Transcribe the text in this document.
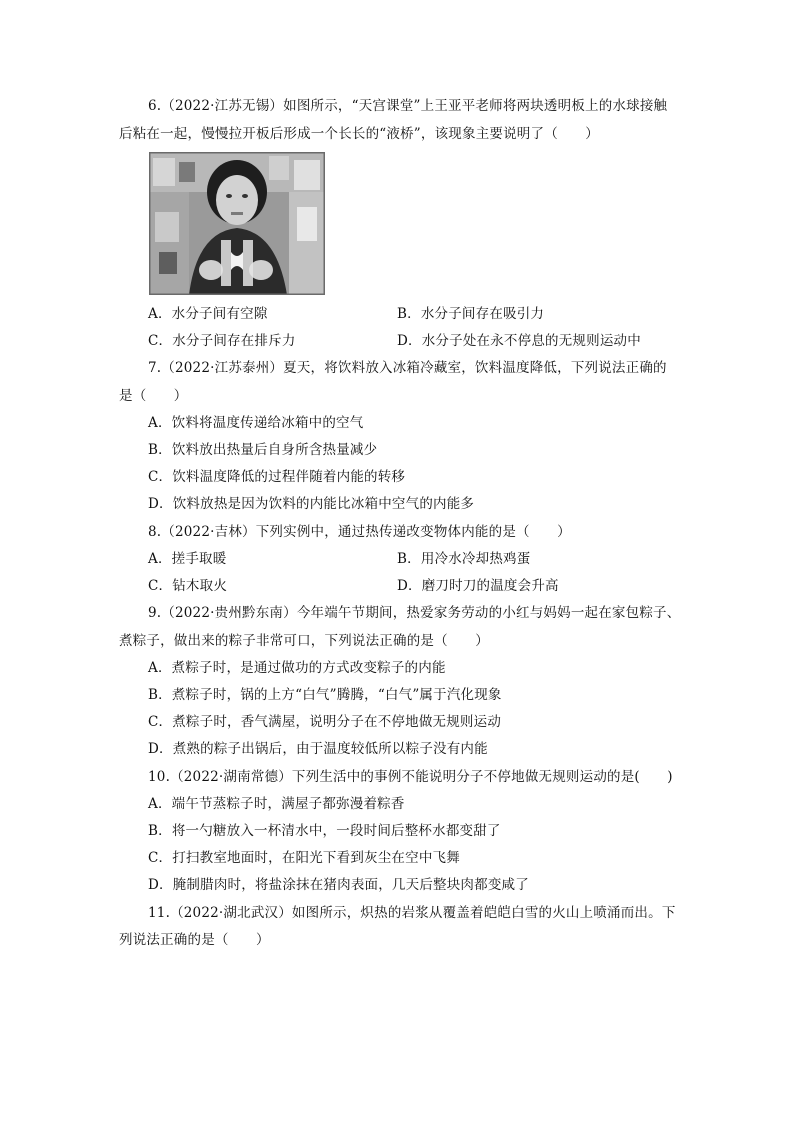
6.（2022·江苏无锡）如图所示，“天宫课堂”上王亚平老师将两块透明板上的水球接触
后粘在一起，慢慢拉开板后形成一个长长的“液桥”，该现象主要说明了（　　）
A．水分子间有空隙	B．水分子间存在吸引力
C．水分子间存在排斥力	D．水分子处在永不停息的无规则运动中
7.（2022·江苏泰州）夏天，将饮料放入冰箱冷藏室，饮料温度降低，下列说法正确的
是（　　）
A．饮料将温度传递给冰箱中的空气
B．饮料放出热量后自身所含热量减少
C．饮料温度降低的过程伴随着内能的转移
D．饮料放热是因为饮料的内能比冰箱中空气的内能多
8.（2022·吉林）下列实例中，通过热传递改变物体内能的是（　　）
A．搓手取暖	B．用冷水冷却热鸡蛋
C．钻木取火	D．磨刀时刀的温度会升高
9.（2022·贵州黔东南）今年端午节期间，热爱家务劳动的小红与妈妈一起在家包粽子、
煮粽子，做出来的粽子非常可口，下列说法正确的是（　　）
A．煮粽子时，是通过做功的方式改变粽子的内能
B．煮粽子时，锅的上方“白气”腾腾，“白气”属于汽化现象
C．煮粽子时，香气满屋，说明分子在不停地做无规则运动
D．煮熟的粽子出锅后，由于温度较低所以粽子没有内能
10.（2022·湖南常德）下列生活中的事例不能说明分子不停地做无规则运动的是(　　)
A．端午节蒸粽子时，满屋子都弥漫着粽香
B．将一勺糖放入一杯清水中，一段时间后整杯水都变甜了
C．打扫教室地面时，在阳光下看到灰尘在空中飞舞
D．腌制腊肉时，将盐涂抹在猪肉表面，几天后整块肉都变咸了
11.（2022·湖北武汉）如图所示，炽热的岩浆从覆盖着皑皑白雪的火山上喷涌而出。下
列说法正确的是（　　）
